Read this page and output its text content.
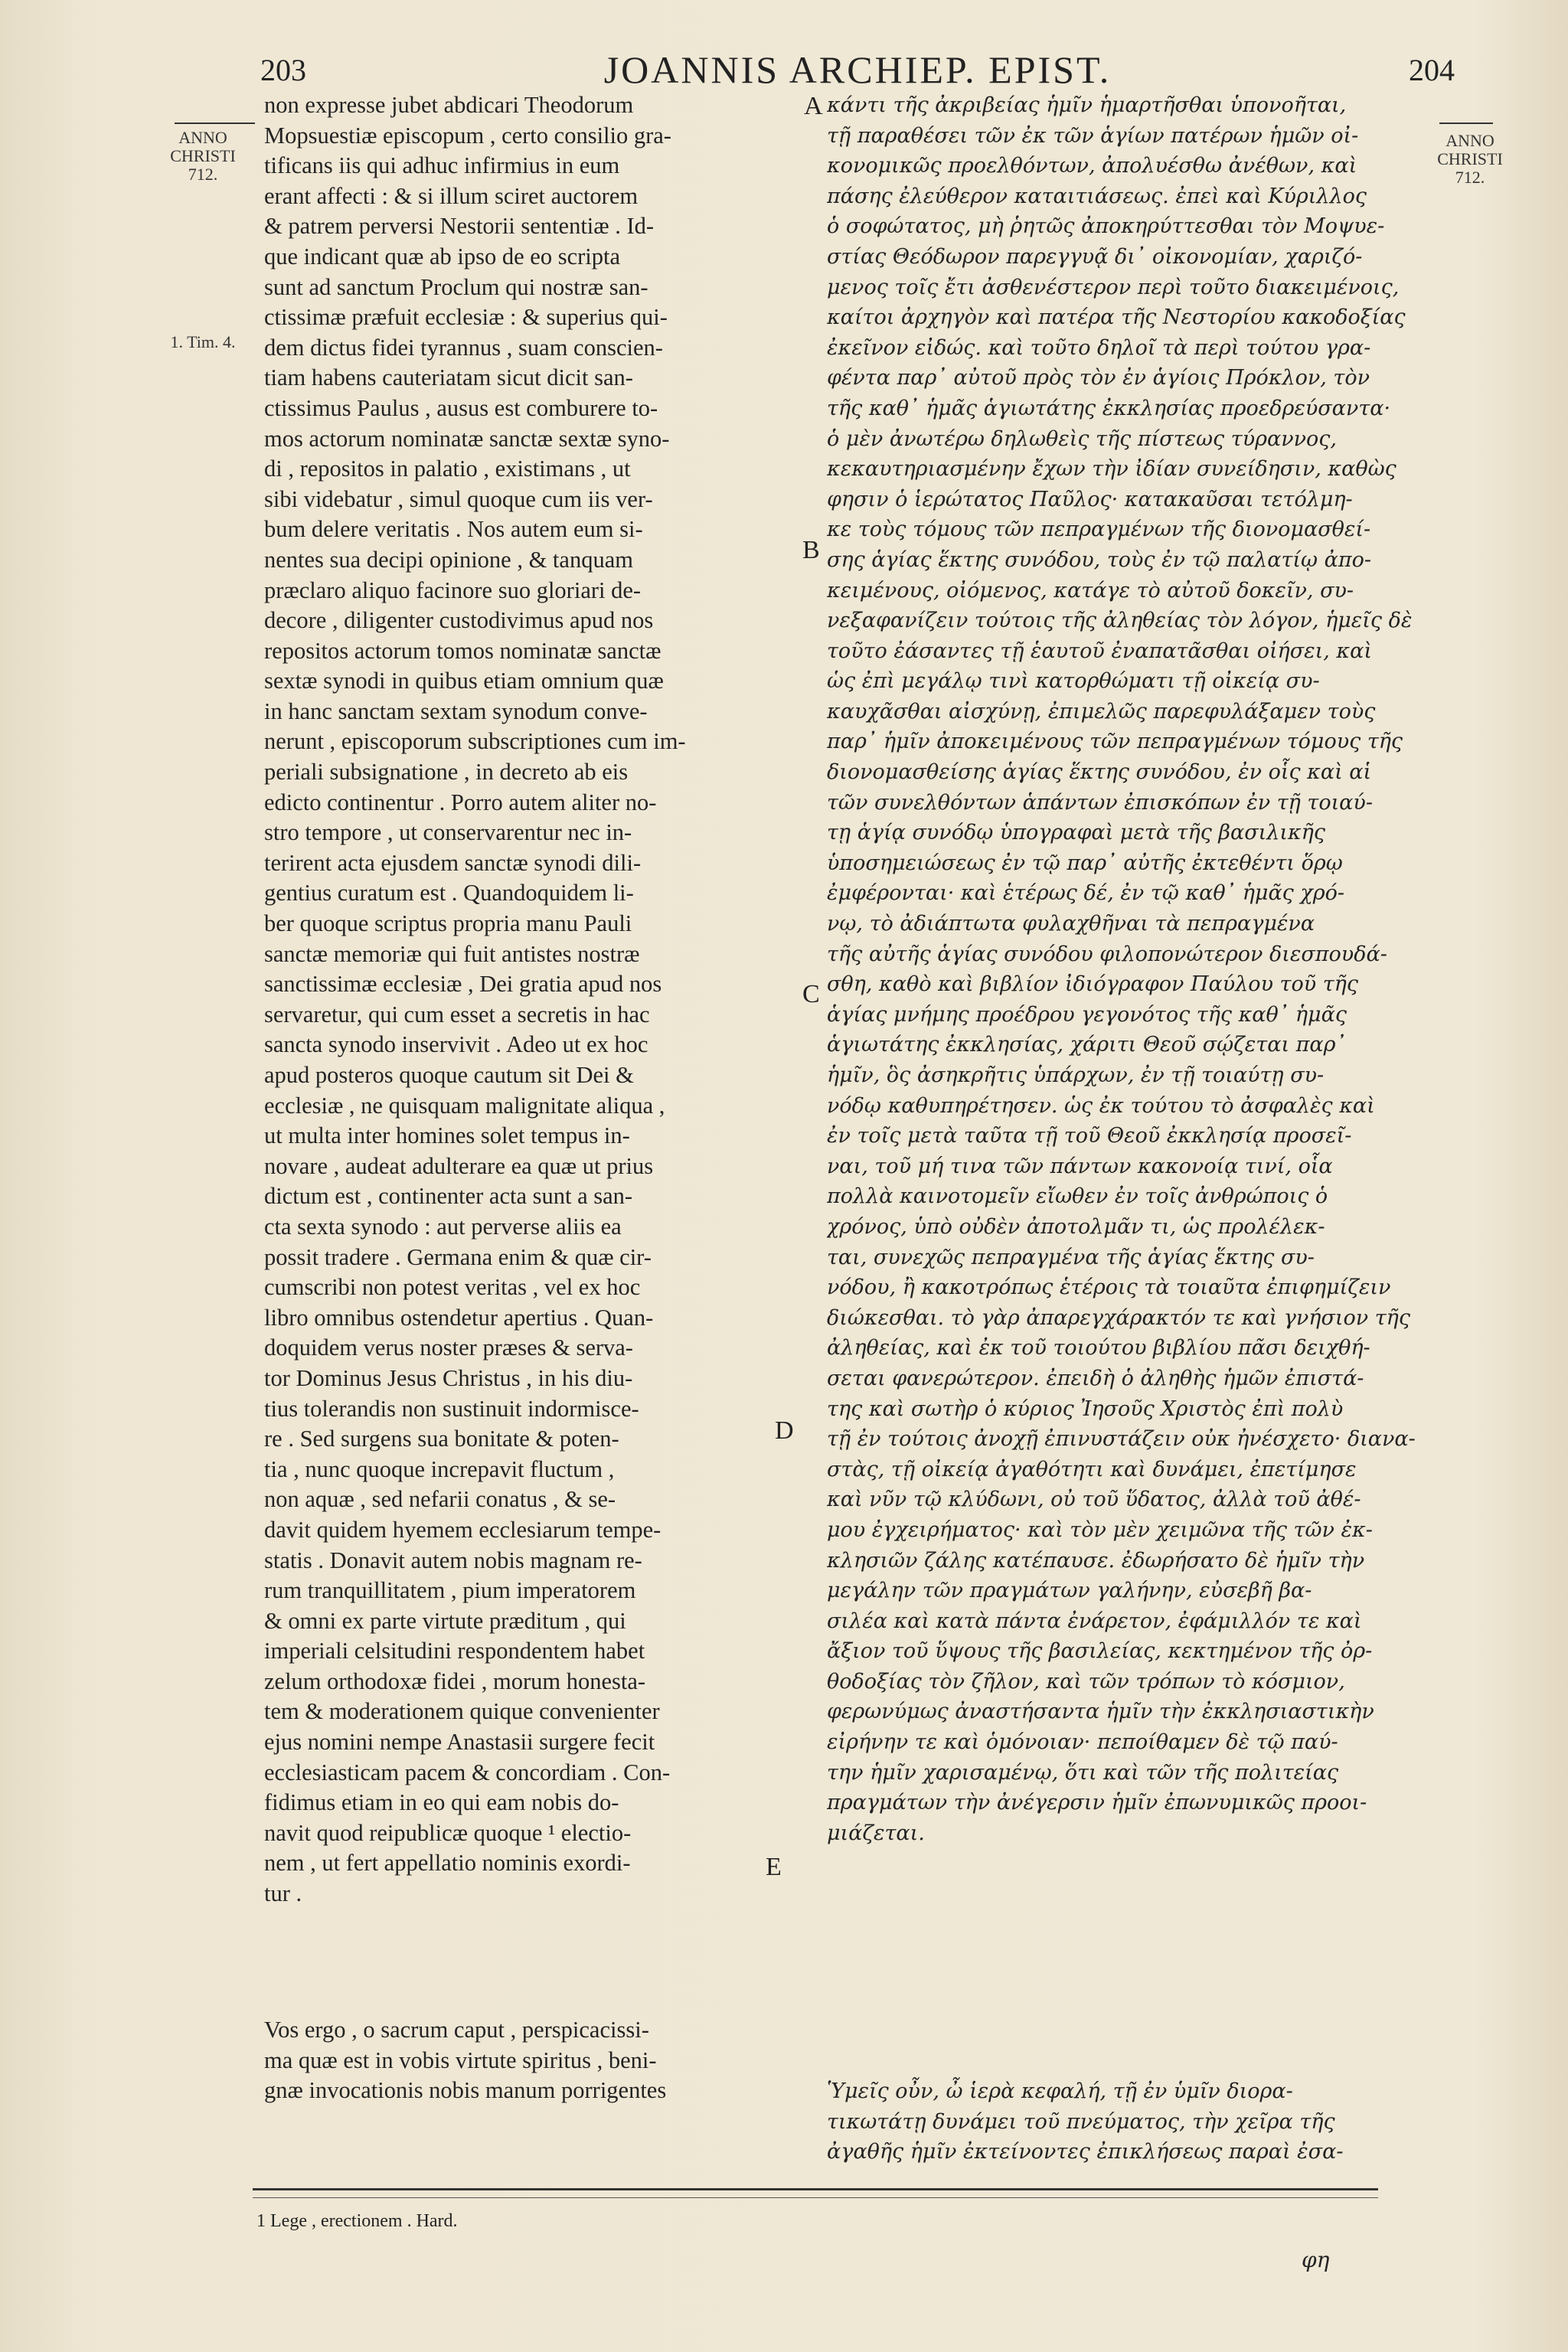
203	JOANNIS ARCHIEP. EPIST.	204
ANNO
CHRISTI
712.
1. Tim. 4.
ANNO
CHRISTI
712.
non expresse jubet abdicari Theodorum
Mopsuestiæ episcopum , certo consilio gra-
tificans iis qui adhuc infirmius in eum
erant affecti : & si illum sciret auctorem
& patrem perversi Nestorii sententiæ . Id-
que indicant quæ ab ipso de eo scripta
sunt ad sanctum Proclum qui nostræ san-
ctissimæ præfuit ecclesiæ : & superius qui-
dem dictus fidei tyrannus , suam conscien-
tiam habens cauteriatam sicut dicit san-
ctissimus Paulus , ausus est comburere to-
mos actorum nominatæ sanctæ sextæ syno-
di , repositos in palatio , existimans , ut
sibi videbatur , simul quoque cum iis ver-
bum delere veritatis . Nos autem eum si-
nentes sua decipi opinione , & tanquam
præclaro aliquo facinore suo gloriari de-
decore , diligenter custodivimus apud nos
repositos actorum tomos nominatæ sanctæ
sextæ synodi in quibus etiam omnium quæ
in hanc sanctam sextam synodum conve-
nerunt , episcoporum subscriptiones cum im-
periali subsignatione , in decreto ab eis
edicto continentur . Porro autem aliter no-
stro tempore , ut conservarentur nec in-
terirent acta ejusdem sanctæ synodi dili-
gentius curatum est . Quandoquidem li-
ber quoque scriptus propria manu Pauli
sanctæ memoriæ qui fuit antistes nostræ
sanctissimæ ecclesiæ , Dei gratia apud nos
servaretur, qui cum esset a secretis in hac
sancta synodo inservivit . Adeo ut ex hoc
apud posteros quoque cautum sit Dei &
ecclesiæ , ne quisquam malignitate aliqua ,
ut multa inter homines solet tempus in-
novare , audeat adulterare ea quæ ut prius
dictum est , continenter acta sunt a san-
cta sexta synodo : aut perverse aliis ea
possit tradere . Germana enim & quæ cir-
cumscribi non potest veritas , vel ex hoc
libro omnibus ostendetur apertius . Quan-
doquidem verus noster præses & serva-
tor Dominus Jesus Christus , in his diu-
tius tolerandis non sustinuit indormisce-
re . Sed surgens sua bonitate & poten-
tia , nunc quoque increpavit fluctum ,
non aquæ , sed nefarii conatus , & se-
davit quidem hyemem ecclesiarum tempe-
statis . Donavit autem nobis magnam re-
rum tranquillitatem , pium imperatorem
& omni ex parte virtute præditum , qui
imperiali celsitudini respondentem habet
zelum orthodoxæ fidei , morum honesta-
tem & moderationem quique convenienter
ejus nomini nempe Anastasii surgere fecit
ecclesiasticam pacem & concordiam . Con-
fidimus etiam in eo qui eam nobis do-
navit quod reipublicæ quoque ¹ electio-
nem , ut fert appellatio nominis exordi-
tur .
Vos ergo , o sacrum caput , perspicacissi-
ma quæ est in vobis virtute spiritus , beni-
gnæ invocationis nobis manum porrigentes
κάντι τῆς ἀκριβείας ἡμῖν ἡμαρτῆσθαι ὑπονοῆται,
τῇ παραθέσει τῶν ἐκ τῶν ἁγίων πατέρων ἡμῶν οἰ-
κονομικῶς προελθόντων, ἀπολυέσθω ἀνέθων, καὶ
πάσης ἐλεύθερον καταιτιάσεως. ἐπεὶ καὶ Κύριλλος
ὁ σοφώτατος, μὴ ῥητῶς ἀποκηρύττεσθαι τὸν Μοψυε-
στίας Θεόδωρον παρεγγυᾷ δι᾽ οἰκονομίαν, χαριζό-
μενος τοῖς ἔτι ἀσθενέστερον περὶ τοῦτο διακειμένοις,
καίτοι ἀρχηγὸν καὶ πατέρα τῆς Νεστορίου κακοδοξίας
ἐκεῖνον εἰδώς. καὶ τοῦτο δηλοῖ τὰ περὶ τούτου γρα-
φέντα παρ᾽ αὐτοῦ πρὸς τὸν ἐν ἁγίοις Πρόκλον, τὸν
τῆς καθ᾽ ἡμᾶς ἁγιωτάτης ἐκκλησίας προεδρεύσαντα·
ὁ μὲν ἀνωτέρω δηλωθεὶς τῆς πίστεως τύραννος,
κεκαυτηριασμένην ἔχων τὴν ἰδίαν συνείδησιν, καθὼς
φησιν ὁ ἱερώτατος Παῦλος· κατακαῦσαι τετόλμη-
κε τοὺς τόμους τῶν πεπραγμένων τῆς διονομασθεί-
σης ἁγίας ἕκτης συνόδου, τοὺς ἐν τῷ παλατίῳ ἀπο-
κειμένους, οἰόμενος, κατάγε τὸ αὐτοῦ δοκεῖν, συ-
νεξαφανίζειν τούτοις τῆς ἀληθείας τὸν λόγον, ἡμεῖς δὲ
τοῦτο ἐάσαντες τῇ ἑαυτοῦ ἐναπατᾶσθαι οἰήσει, καὶ
ὡς ἐπὶ μεγάλῳ τινὶ κατορθώματι τῇ οἰκείᾳ συ-
καυχᾶσθαι αἰσχύνῃ, ἐπιμελῶς παρεφυλάξαμεν τοὺς
παρ᾽ ἡμῖν ἀποκειμένους τῶν πεπραγμένων τόμους τῆς
διονομασθείσης ἁγίας ἕκτης συνόδου, ἐν οἷς καὶ αἱ
τῶν συνελθόντων ἁπάντων ἐπισκόπων ἐν τῇ τοιαύ-
τῃ ἁγίᾳ συνόδῳ ὑπογραφαὶ μετὰ τῆς βασιλικῆς
ὑποσημειώσεως ἐν τῷ παρ᾽ αὐτῆς ἐκτεθέντι ὅρῳ
ἐμφέρονται· καὶ ἑτέρως δέ, ἐν τῷ καθ᾽ ἡμᾶς χρό-
νῳ, τὸ ἀδιάπτωτα φυλαχθῆναι τὰ πεπραγμένα
τῆς αὐτῆς ἁγίας συνόδου φιλοπονώτερον διεσπουδά-
σθη, καθὸ καὶ βιβλίον ἰδιόγραφον Παύλου τοῦ τῆς
ἁγίας μνήμης προέδρου γεγονότος τῆς καθ᾽ ἡμᾶς
ἁγιωτάτης ἐκκλησίας, χάριτι Θεοῦ σῴζεται παρ᾽
ἡμῖν, ὃς ἀσηκρῆτις ὑπάρχων, ἐν τῇ τοιαύτῃ συ-
νόδῳ καθυπηρέτησεν. ὡς ἐκ τούτου τὸ ἀσφαλὲς καὶ
ἐν τοῖς μετὰ ταῦτα τῇ τοῦ Θεοῦ ἐκκλησίᾳ προσεῖ-
ναι, τοῦ μή τινα τῶν πάντων κακονοίᾳ τινί, οἷα
πολλὰ καινοτομεῖν εἴωθεν ἐν τοῖς ἀνθρώποις ὁ
χρόνος, ὑπὸ οὐδὲν ἀποτολμᾶν τι, ὡς προλέλεκ-
ται, συνεχῶς πεπραγμένα τῆς ἁγίας ἕκτης συ-
νόδου, ἢ κακοτρόπως ἑτέροις τὰ τοιαῦτα ἐπιφημίζειν
διώκεσθαι. τὸ γὰρ ἀπαρεγχάρακτόν τε καὶ γνήσιον τῆς
ἀληθείας, καὶ ἐκ τοῦ τοιούτου βιβλίου πᾶσι δειχθή-
σεται φανερώτερον. ἐπειδὴ ὁ ἀληθὴς ἡμῶν ἐπιστά-
της καὶ σωτὴρ ὁ κύριος Ἰησοῦς Χριστὸς ἐπὶ πολὺ
τῇ ἐν τούτοις ἀνοχῇ ἐπινυστάζειν οὐκ ἠνέσχετο· διανα-
στὰς, τῇ οἰκείᾳ ἀγαθότητι καὶ δυνάμει, ἐπετίμησε
καὶ νῦν τῷ κλύδωνι, οὐ τοῦ ὕδατος, ἀλλὰ τοῦ ἀθέ-
μου ἐγχειρήματος· καὶ τὸν μὲν χειμῶνα τῆς τῶν ἐκ-
κλησιῶν ζάλης κατέπαυσε. ἐδωρήσατο δὲ ἡμῖν τὴν
μεγάλην τῶν πραγμάτων γαλήνην, εὐσεβῆ βα-
σιλέα καὶ κατὰ πάντα ἐνάρετον, ἐφάμιλλόν τε καὶ
ἄξιον τοῦ ὕψους τῆς βασιλείας, κεκτημένον τῆς ὀρ-
θοδοξίας τὸν ζῆλον, καὶ τῶν τρόπων τὸ κόσμιον,
φερωνύμως ἀναστήσαντα ἡμῖν τὴν ἐκκλησιαστικὴν
εἰρήνην τε καὶ ὁμόνοιαν· πεποίθαμεν δὲ τῷ παύ-
την ἡμῖν χαρισαμένῳ, ὅτι καὶ τῶν τῆς πολιτείας
πραγμάτων τὴν ἀνέγερσιν ἡμῖν ἐπωνυμικῶς προοι-
μιάζεται.
Ὑμεῖς οὖν, ὦ ἱερὰ κεφαλή, τῇ ἐν ὑμῖν διορα-
τικωτάτῃ δυνάμει τοῦ πνεύματος, τὴν χεῖρα τῆς
ἀγαθῆς ἡμῖν ἐκτείνοντες ἐπικλήσεως παραὶ ἐσα-
A
B
C
D
E
1 Lege , erectionem . Hard.
φη
